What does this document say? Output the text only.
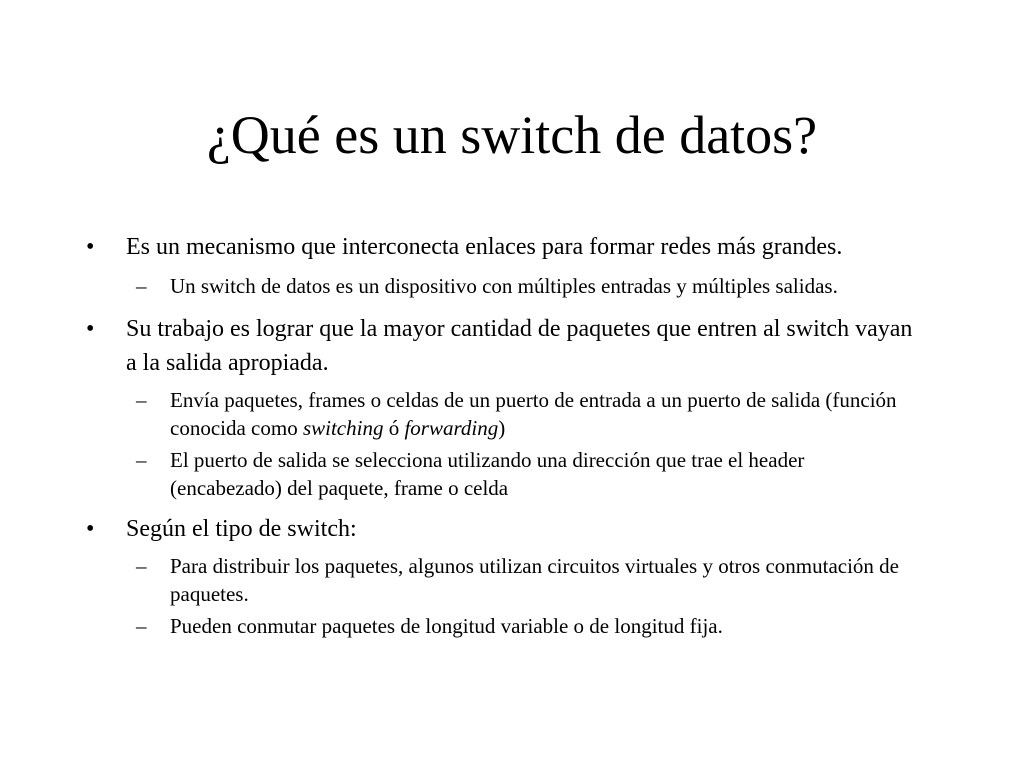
¿Qué es un switch de datos?
• Es un mecanismo que interconecta enlaces para formar redes más grandes.
– Un switch de datos es un dispositivo con múltiples entradas y múltiples salidas.
• Su trabajo es lograr que la mayor cantidad de paquetes que entren al switch vayan a la salida apropiada.
– Envía paquetes, frames o celdas de un puerto de entrada a un puerto de salida (función conocida como switching ó forwarding)
– El puerto de salida se selecciona utilizando una dirección que trae el header (encabezado) del paquete, frame o celda
• Según el tipo de switch:
– Para distribuir los paquetes, algunos utilizan circuitos virtuales y otros conmutación de paquetes.
– Pueden conmutar paquetes de longitud variable o de longitud fija.
